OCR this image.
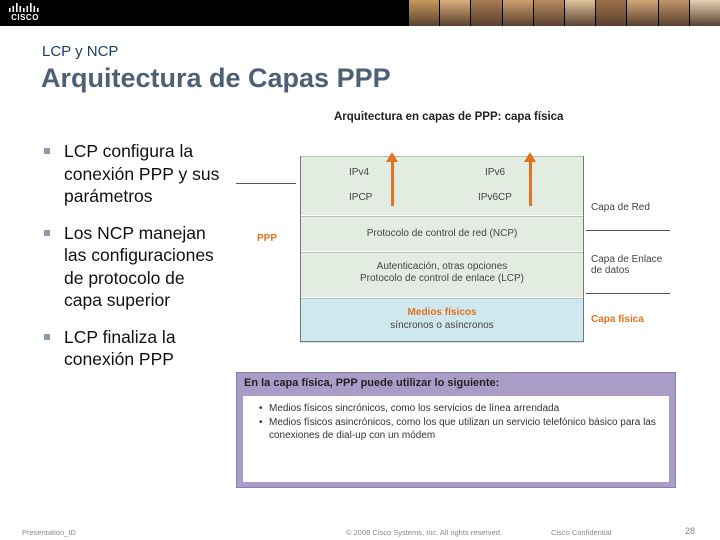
CISCO
LCP y NCP
Arquitectura de Capas PPP
LCP configura la conexión PPP y sus parámetros
Los NCP manejan las configuraciones de protocolo de capa superior
LCP finaliza la conexión PPP
Arquitectura en capas de PPP: capa física
IPv4	IPv6
IPCP	IPv6CP
PPP	Protocolo de control de red (NCP)
Autenticación, otras opciones
Protocolo de control de enlace (LCP)
Medios físicos
síncronos o asíncronos
Capa de Red
Capa de Enlace de datos
Capa física
En la capa física, PPP puede utilizar lo siguiente:
• Medios físicos sincrónicos, como los servicios de línea arrendada
• Medios físicos asincrónicos, como los que utilizan un servicio telefónico básico para las conexiones de dial-up con un módem
Presentation_ID	© 2008 Cisco Systems, Inc. All rights reserved.	Cisco Confidential	28
